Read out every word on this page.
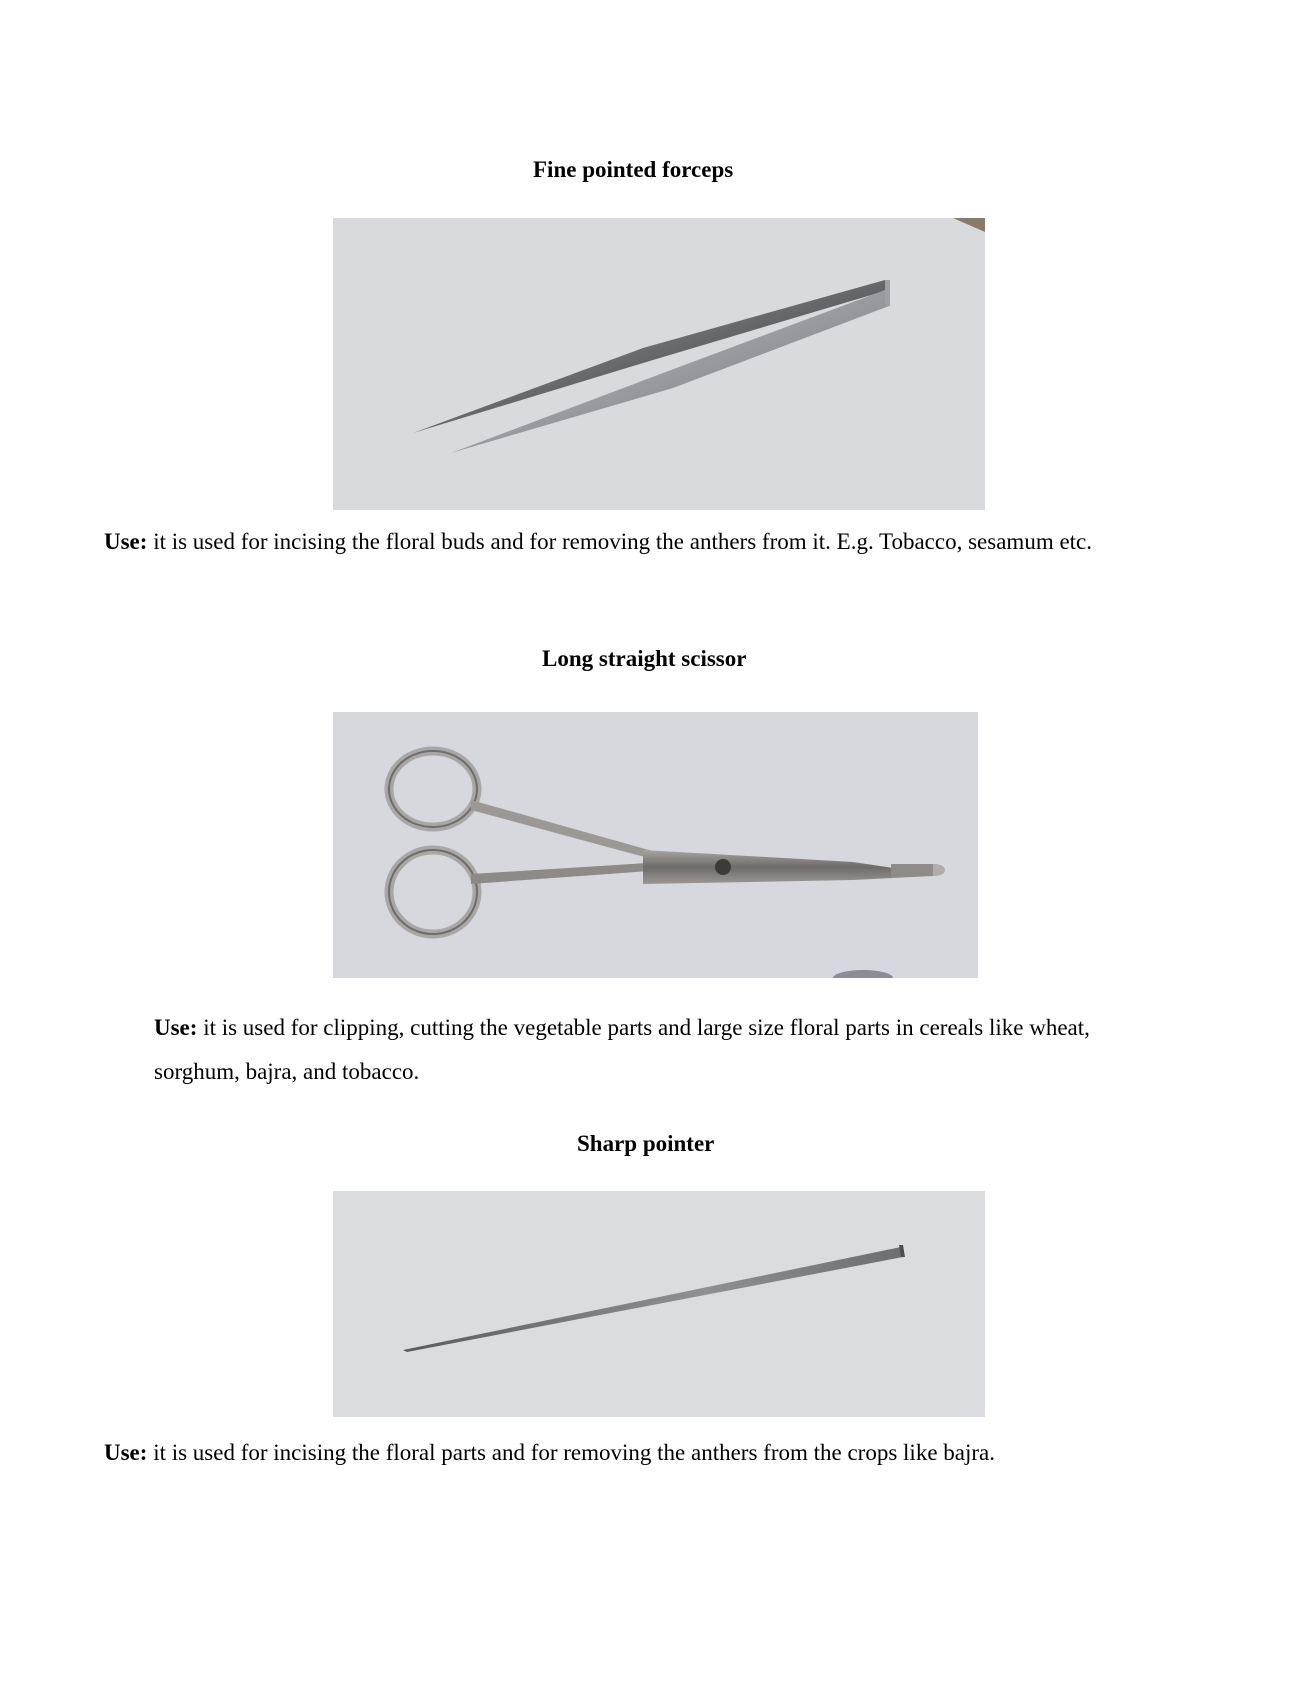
Fine pointed forceps

Use: it is used for incising the floral buds and for removing the anthers from it. E.g. Tobacco, sesamum etc.

Long straight scissor

Use: it is used for clipping, cutting the vegetable parts and large size floral parts in cereals like wheat, sorghum, bajra, and tobacco.

Sharp pointer

Use: it is used for incising the floral parts and for removing the anthers from the crops like bajra.
